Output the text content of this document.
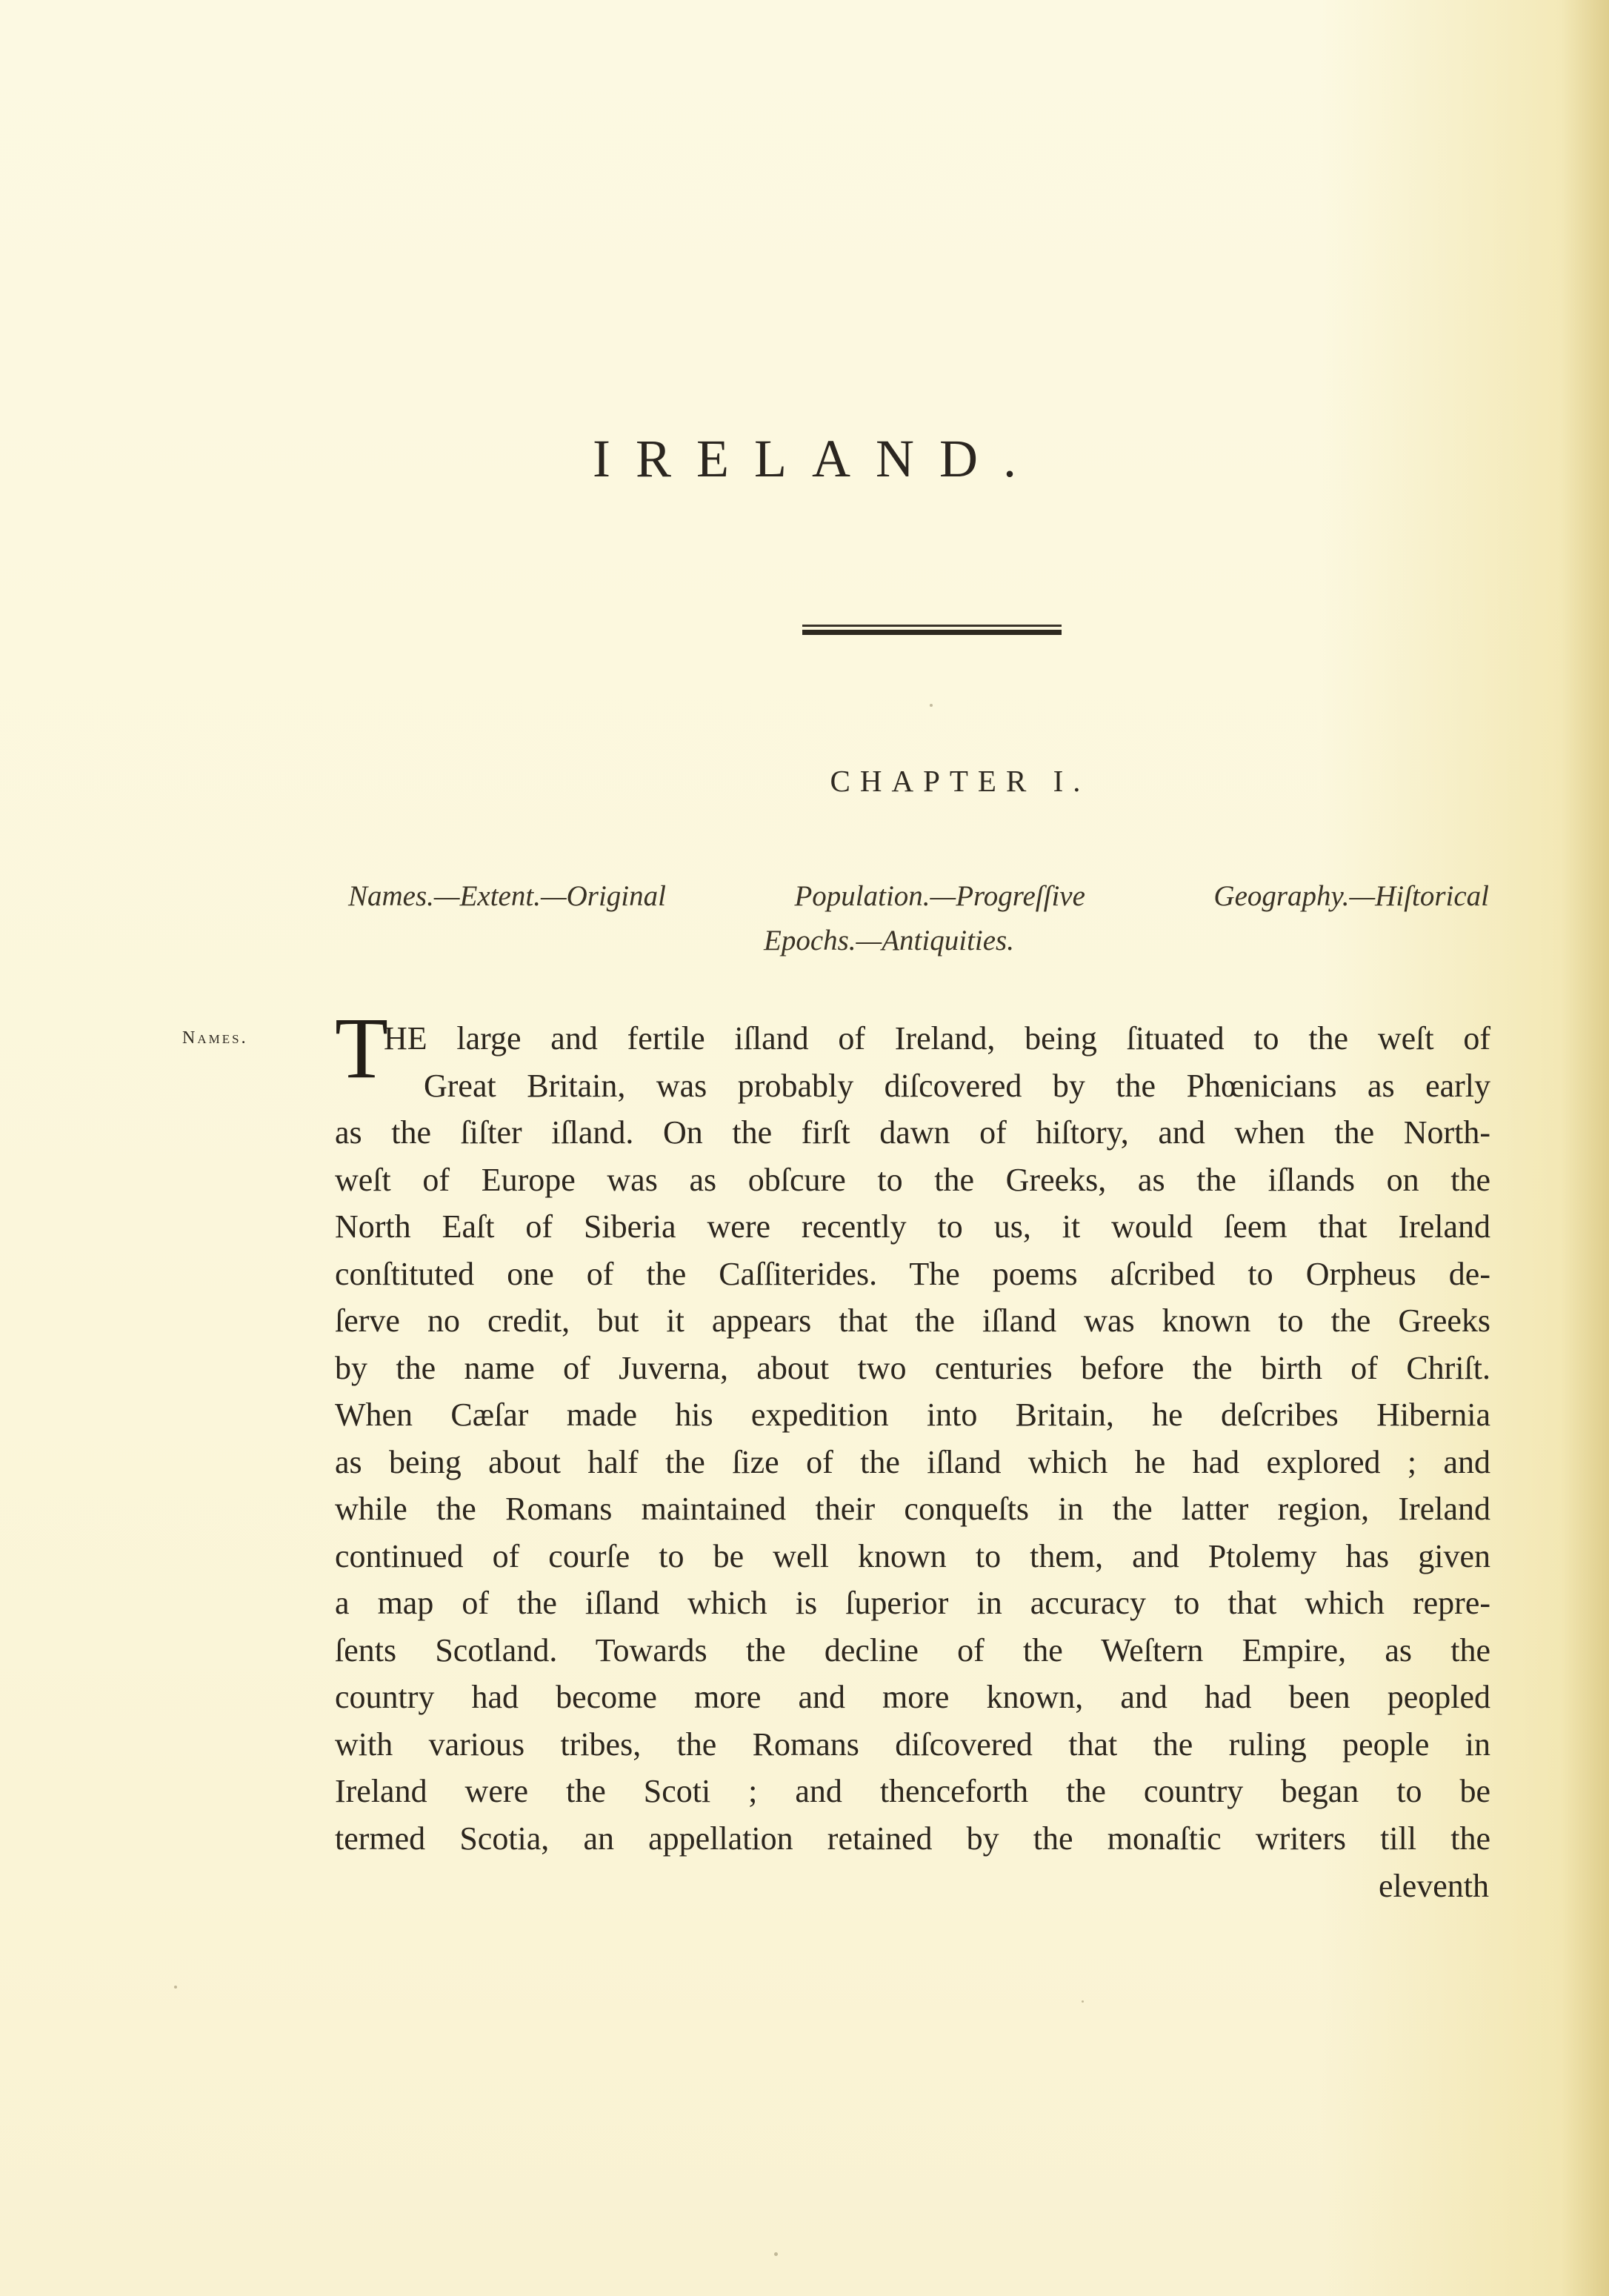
IRELAND.
CHAPTER I.
Names.—Extent.—Original	Population.—Progreſſive	Geography.—Hiſtorical
Epochs.—Antiquities.
Names. T
HE large and fertile iſland of Ireland, being ſituated to the weſt of
Great Britain, was probably diſcovered by the Phœnicians as early
as the ſiſter iſland. On the firſt dawn of hiſtory, and when the North-
weſt of Europe was as obſcure to the Greeks, as the iſlands on the
North Eaſt of Siberia were recently to us, it would ſeem that Ireland
conſtituted one of the Caſſiterides. The poems aſcribed to Orpheus de-
ſerve no credit, but it appears that the iſland was known to the Greeks
by the name of Juverna, about two centuries before the birth of Chriſt.
When Cæſar made his expedition into Britain, he deſcribes Hibernia
as being about half the ſize of the iſland which he had explored ; and
while the Romans maintained their conqueſts in the latter region, Ireland
continued of courſe to be well known to them, and Ptolemy has given
a map of the iſland which is ſuperior in accuracy to that which repre-
ſents Scotland. Towards the decline of the Weſtern Empire, as the
country had become more and more known, and had been peopled
with various tribes, the Romans diſcovered that the ruling people in
Ireland were the Scoti ; and thenceforth the country began to be
termed Scotia, an appellation retained by the monaſtic writers till the
eleventh
